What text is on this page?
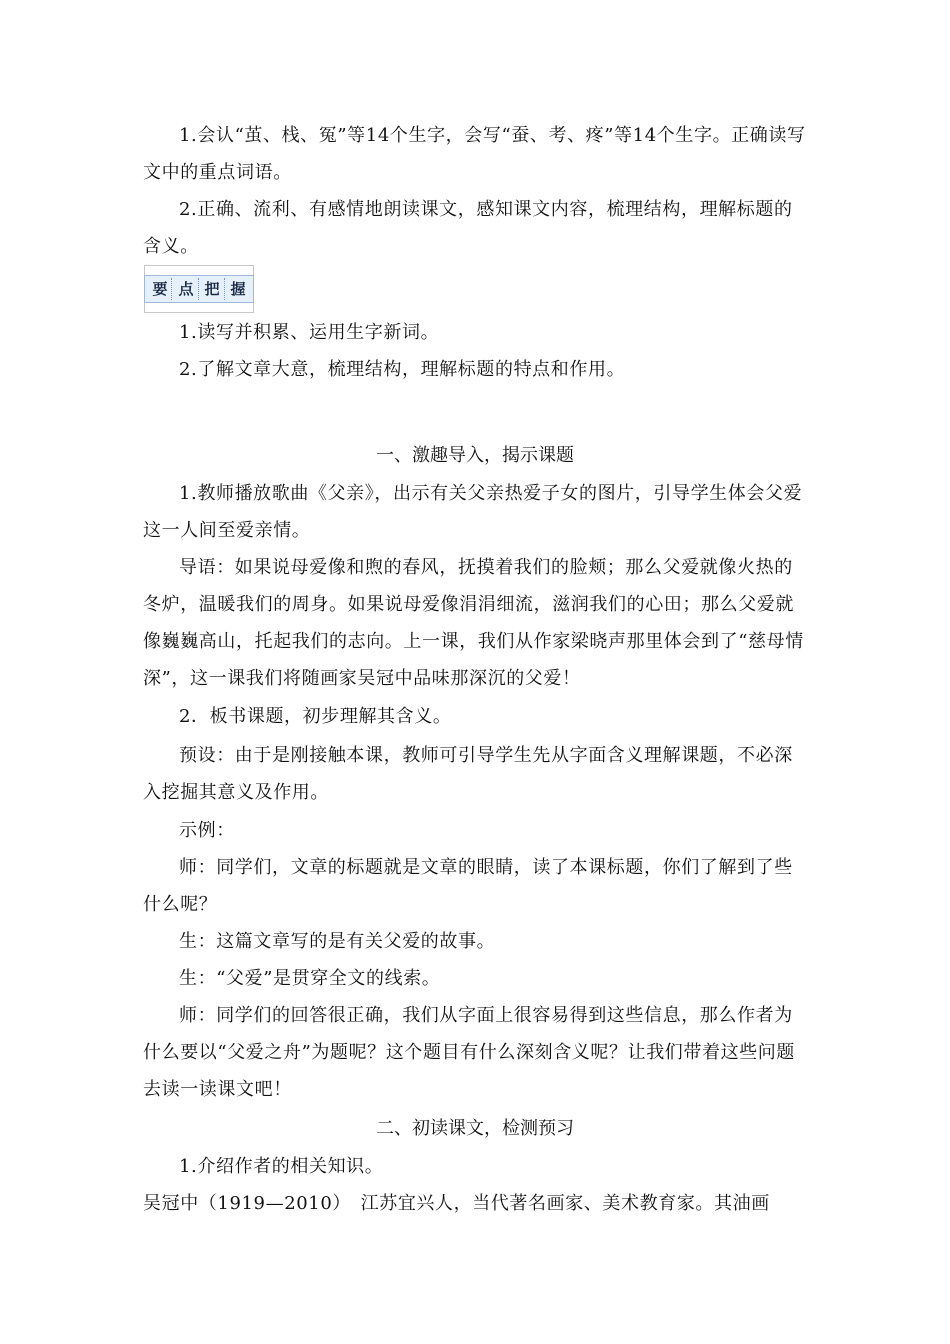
1.会认“茧、栈、冤”等14个生字，会写“蚕、考、疼”等14个生字。正确读写文中的重点词语。

2.正确、流利、有感情地朗读课文，感知课文内容，梳理结构，理解标题的含义。

要 点 把 握

1.读写并积累、运用生字新词。

2.了解文章大意，梳理结构，理解标题的特点和作用。

一、激趣导入，揭示课题

1.教师播放歌曲《父亲》，出示有关父亲热爱子女的图片，引导学生体会父爱这一人间至爱亲情。

导语：如果说母爱像和煦的春风，抚摸着我们的脸颊；那么父爱就像火热的冬炉，温暖我们的周身。如果说母爱像涓涓细流，滋润我们的心田；那么父爱就像巍巍高山，托起我们的志向。上一课，我们从作家梁晓声那里体会到了“慈母情深”，这一课我们将随画家吴冠中品味那深沉的父爱！

2．板书课题，初步理解其含义。

预设：由于是刚接触本课，教师可引导学生先从字面含义理解课题，不必深入挖掘其意义及作用。

示例：

师：同学们，文章的标题就是文章的眼睛，读了本课标题，你们了解到了些什么呢？

生：这篇文章写的是有关父爱的故事。

生：“父爱”是贯穿全文的线索。

师：同学们的回答很正确，我们从字面上很容易得到这些信息，那么作者为什么要以“父爱之舟”为题呢？这个题目有什么深刻含义呢？让我们带着这些问题去读一读课文吧！

二、初读课文，检测预习

1.介绍作者的相关知识。

吴冠中（1919—2010）　江苏宜兴人，当代著名画家、美术教育家。其油画
